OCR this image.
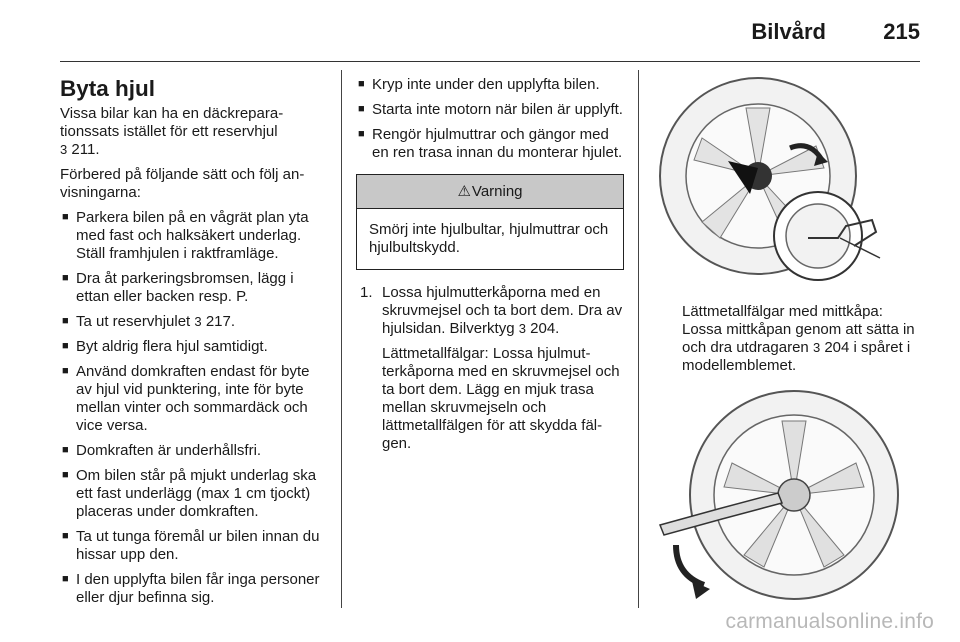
Bilvård	215
Byta hjul

Vissa bilar kan ha en däckreparationssats istället för ett reservhjul
3 211.

Förbered på följande sätt och följ anvisningarna:

■ Parkera bilen på en vågrät plan yta med fast och halksäkert underlag. Ställ framhjulen i raktframläge.
■ Dra åt parkeringsbromsen, lägg i ettan eller backen resp. P.
■ Ta ut reservhjulet 3 217.
■ Byt aldrig flera hjul samtidigt.
■ Använd domkraften endast för byte av hjul vid punktering, inte för byte mellan vinter och sommardäck och vice versa.
■ Domkraften är underhållsfri.
■ Om bilen står på mjukt underlag ska ett fast underlägg (max 1 cm tjockt) placeras under domkraften.
■ Ta ut tunga föremål ur bilen innan du hissar upp den.
■ I den upplyfta bilen får inga personer eller djur befinna sig.
■ Kryp inte under den upplyfta bilen.
■ Starta inte motorn när bilen är upplyft.
■ Rengör hjulmuttrar och gängor med en ren trasa innan du monterar hjulet.
⚠Varning
Smörj inte hjulbultar, hjulmuttrar och hjulbultskydd.
1. Lossa hjulmutterkåporna med en skruvmejsel och ta bort dem. Dra av hjulsidan. Bilverktyg 3 204.

Lättmetallfälgar: Lossa hjulmutterkåporna med en skruvmejsel och ta bort dem. Lägg en mjuk trasa mellan skruvmejseln och lättmetallfälgen för att skydda fälgen.

Lättmetallfälgar med mittkåpa: Lossa mittkåpan genom att sätta in och dra utdragaren 3 204 i spåret i modellemblemet.

carmanualsonline.info
